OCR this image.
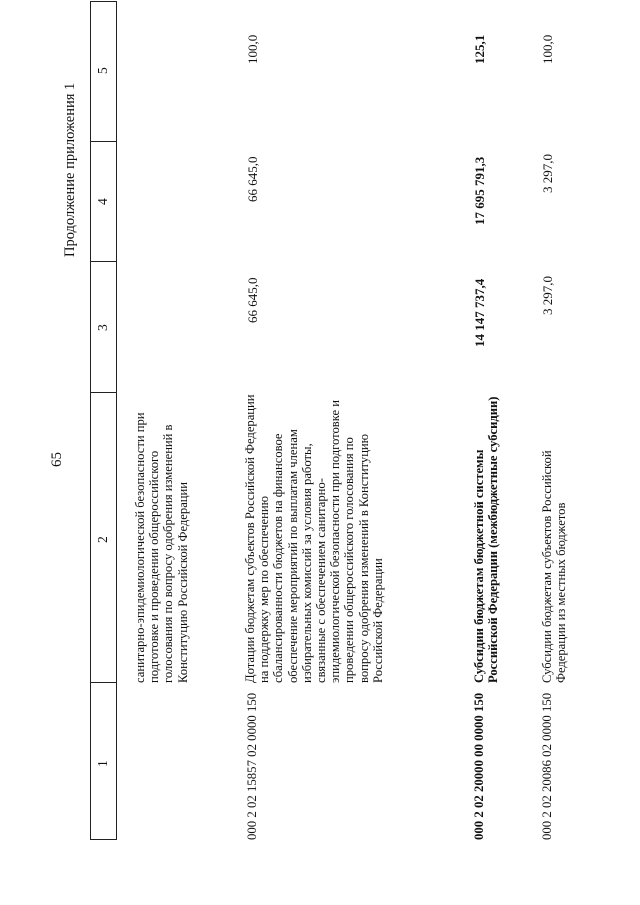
65
Продолжение приложения 1
1
2
3
4
5
санитарно-эпидемиологической безопасности при подготовке и проведении общероссийского голосования по вопросу одобрения изменений в Конституцию Российской Федерации
000 2 02 15857 02 0000 150
Дотации бюджетам субъектов Российской Федерации на поддержку мер по обеспечению сбалансированности бюджетов на финансовое обеспечение мероприятий по выплатам членам избирательных комиссий за условия работы, связанные с обеспечением санитарно-эпидемиологической безопасности при подготовке и проведении общероссийского голосования по вопросу одобрения изменений в Конституцию Российской Федерации
66 645,0
66 645,0
100,0
000 2 02 20000 00 0000 150
Субсидии бюджетам бюджетной системы Российской Федерации (межбюджетные субсидии)
14 147 737,4
17 695 791,3
125,1
000 2 02 20086 02 0000 150
Субсидии бюджетам субъектов Российской Федерации из местных бюджетов
3 297,0
3 297,0
100,0
